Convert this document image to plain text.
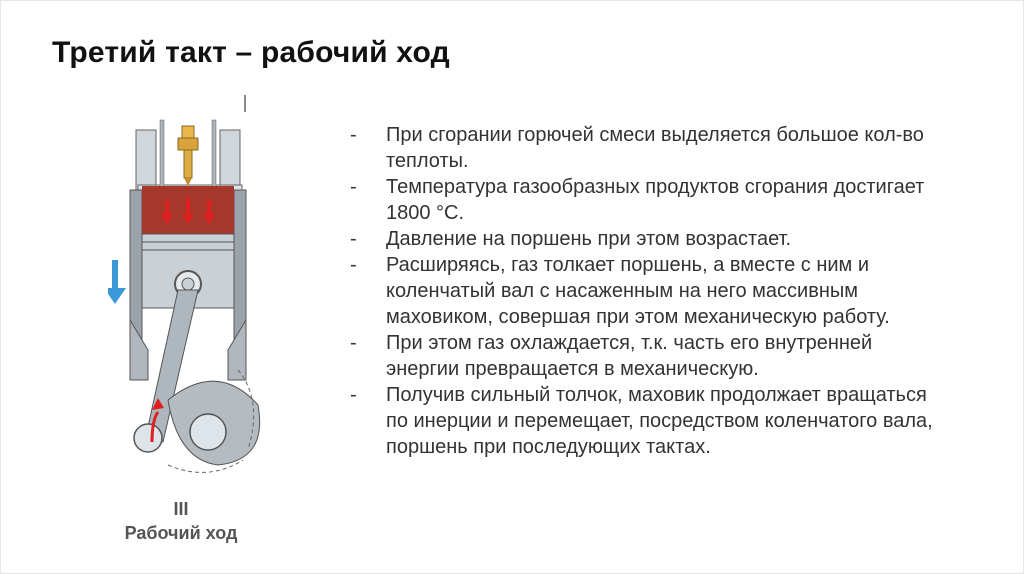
Третий такт – рабочий ход
III
Рабочий ход
- При сгорании горючей смеси выделяется большое кол-во теплоты.
- Температура газообразных продуктов сгорания достигает 1800 °С.
- Давление на поршень при этом возрастает.
- Расширяясь, газ толкает поршень, а вместе с ним и коленчатый вал с насаженным на него массивным маховиком, совершая при этом механическую работу.
- При этом газ охлаждается, т.к. часть его внутренней энергии превращается в механическую.
- Получив сильный толчок, маховик продолжает вращаться по инерции и перемещает, посредством коленчатого вала, поршень при последующих тактах.
